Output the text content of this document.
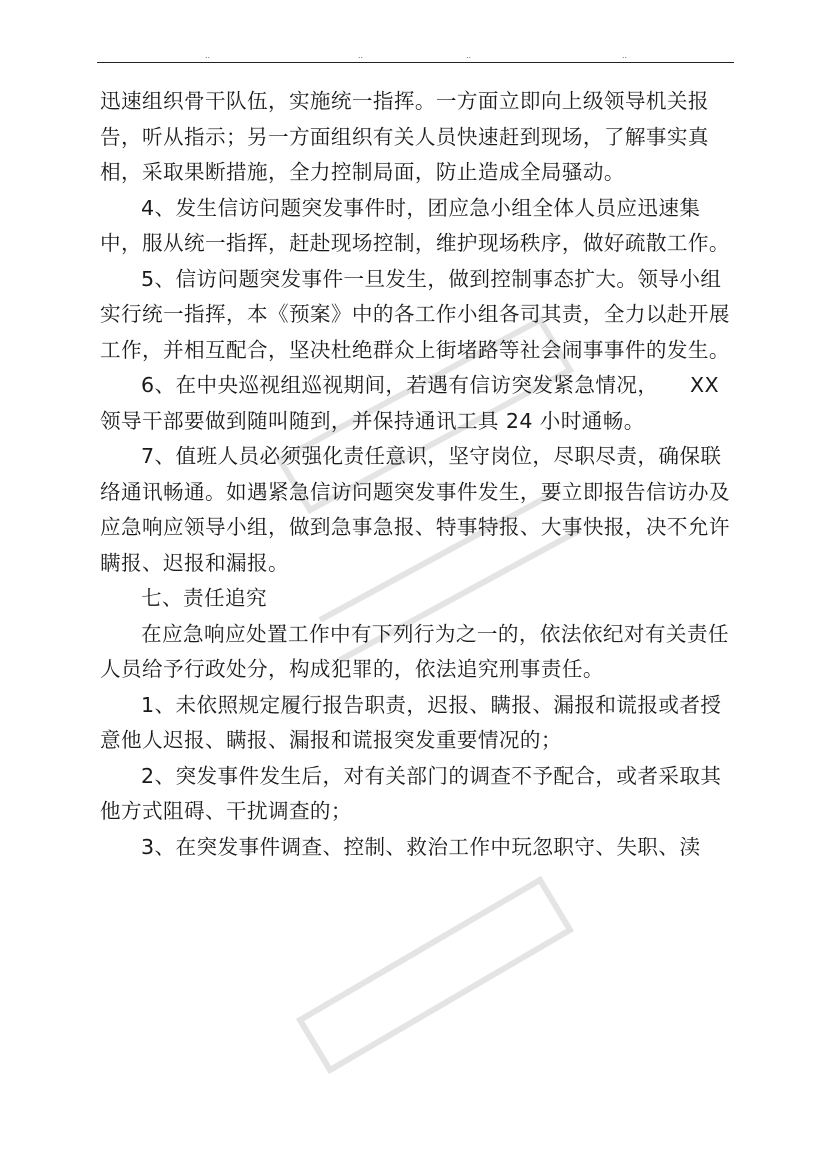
..	..	..	..

迅速组织骨干队伍，实施统一指挥。一方面立即向上级领导机关报告，听从指示；另一方面组织有关人员快速赶到现场，了解事实真相，采取果断措施，全力控制局面，防止造成全局骚动。

4、发生信访问题突发事件时，团应急小组全体人员应迅速集中，服从统一指挥，赶赴现场控制，维护现场秩序，做好疏散工作。

5、信访问题突发事件一旦发生，做到控制事态扩大。领导小组实行统一指挥，本《预案》中的各工作小组各司其责，全力以赴开展工作，并相互配合，坚决杜绝群众上街堵路等社会闹事事件的发生。

6、在中央巡视组巡视期间，若遇有信访突发紧急情况，　　XX领导干部要做到随叫随到，并保持通讯工具 24 小时通畅。

7、值班人员必须强化责任意识，坚守岗位，尽职尽责，确保联络通讯畅通。如遇紧急信访问题突发事件发生，要立即报告信访办及应急响应领导小组，做到急事急报、特事特报、大事快报，决不允许瞒报、迟报和漏报。

七、责任追究

在应急响应处置工作中有下列行为之一的，依法依纪对有关责任人员给予行政处分，构成犯罪的，依法追究刑事责任。

1、未依照规定履行报告职责，迟报、瞒报、漏报和谎报或者授意他人迟报、瞒报、漏报和谎报突发重要情况的；

2、突发事件发生后，对有关部门的调查不予配合，或者采取其他方式阻碍、干扰调查的；

3、在突发事件调查、控制、救治工作中玩忽职守、失职、渎
